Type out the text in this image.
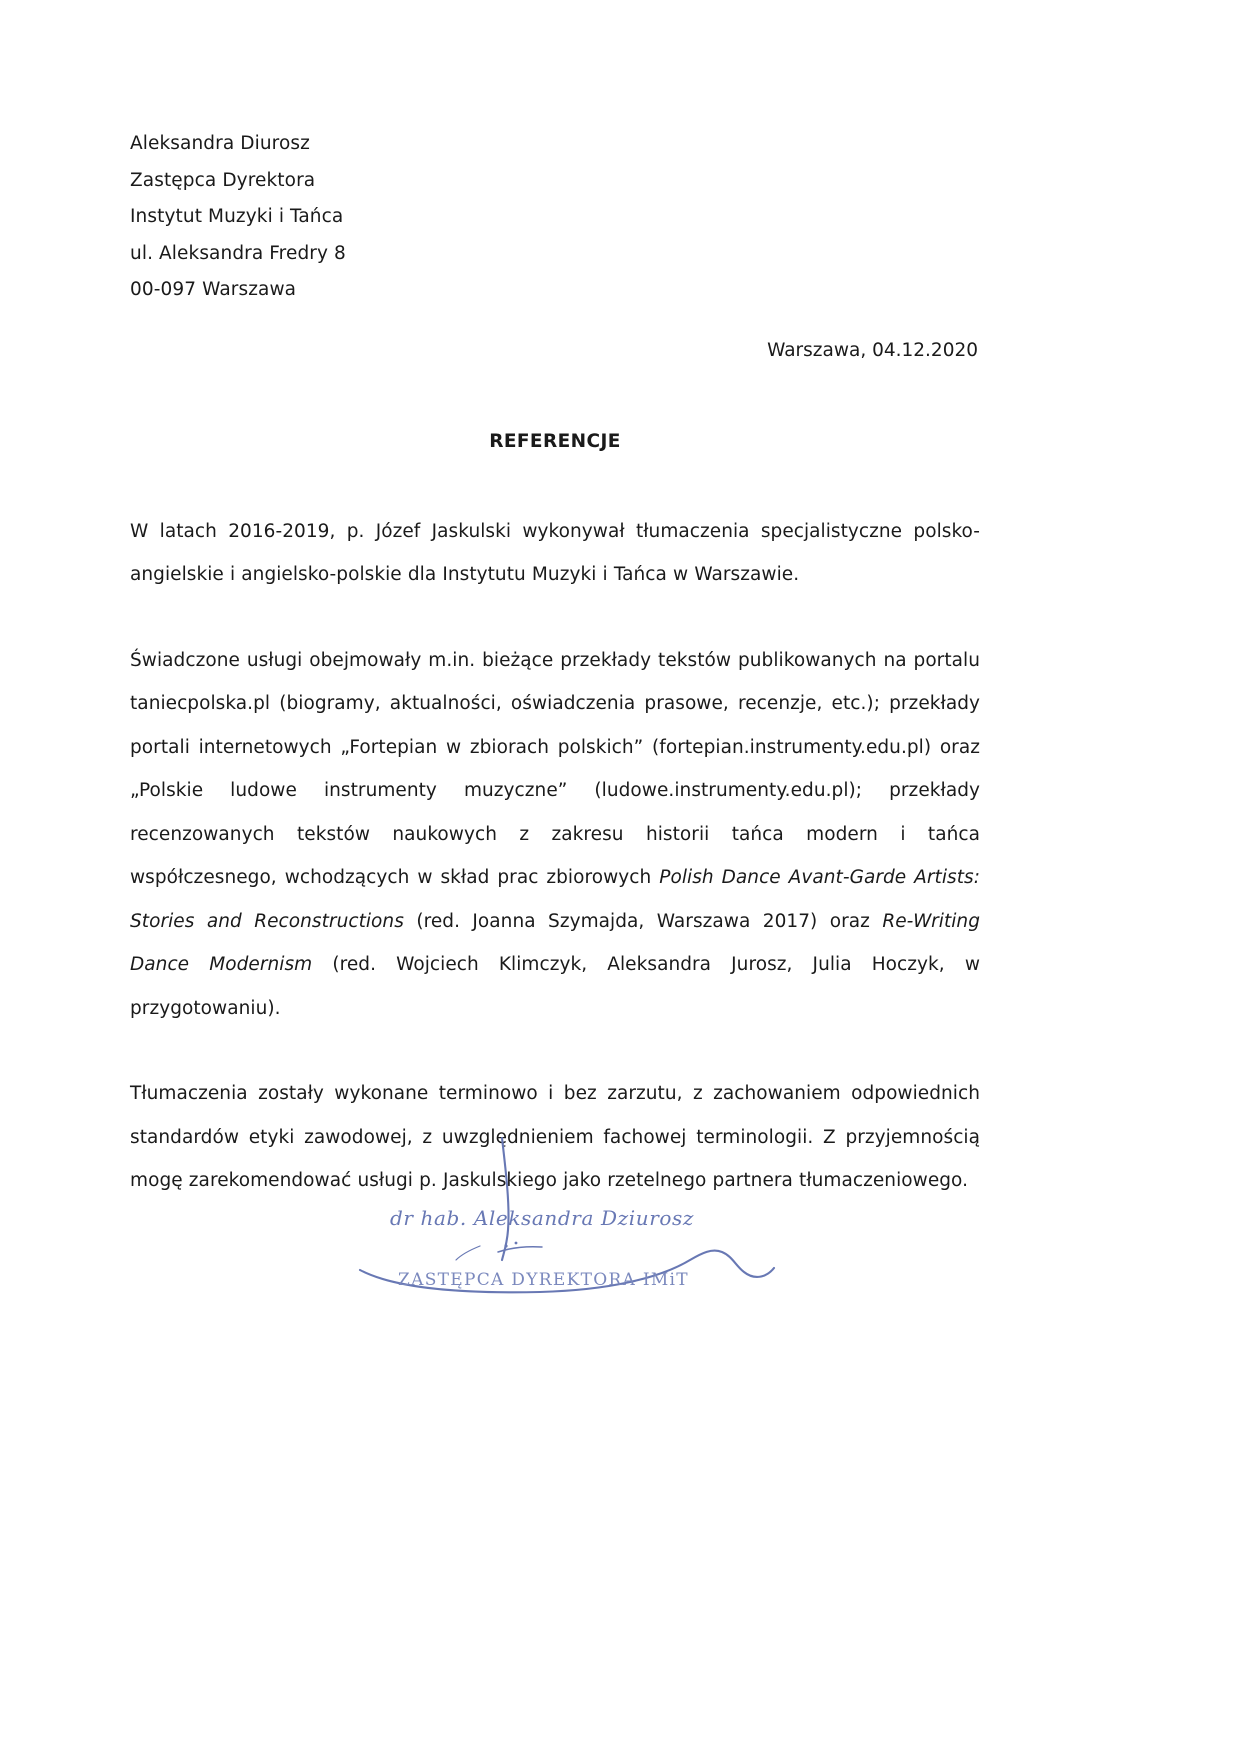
Aleksandra Diurosz
Zastępca Dyrektora
Instytut Muzyki i Tańca
ul. Aleksandra Fredry 8
00-097 Warszawa
Warszawa, 04.12.2020
REFERENCJE

W latach 2016-2019, p. Józef Jaskulski wykonywał tłumaczenia specjalistyczne polsko-angielskie i angielsko-polskie dla Instytutu Muzyki i Tańca w Warszawie.

Świadczone usługi obejmowały m.in. bieżące przekłady tekstów publikowanych na portalu taniecpolska.pl (biogramy, aktualności, oświadczenia prasowe, recenzje, etc.); przekłady portali internetowych „Fortepian w zbiorach polskich” (fortepian.instrumenty.edu.pl) oraz „Polskie ludowe instrumenty muzyczne” (ludowe.instrumenty.edu.pl); przekłady recenzowanych tekstów naukowych z zakresu historii tańca modern i tańca współczesnego, wchodzących w skład prac zbiorowych Polish Dance Avant-Garde Artists: Stories and Reconstructions (red. Joanna Szymajda, Warszawa 2017) oraz Re-Writing Dance Modernism (red. Wojciech Klimczyk, Aleksandra Jurosz, Julia Hoczyk, w przygotowaniu).

Tłumaczenia zostały wykonane terminowo i bez zarzutu, z zachowaniem odpowiednich standardów etyki zawodowej, z uwzględnieniem fachowej terminologii. Z przyjemnością mogę zarekomendować usługi p. Jaskulskiego jako rzetelnego partnera tłumaczeniowego.

dr hab. Aleksandra Dziurosz
ZASTĘPCA DYREKTORA IMiT
